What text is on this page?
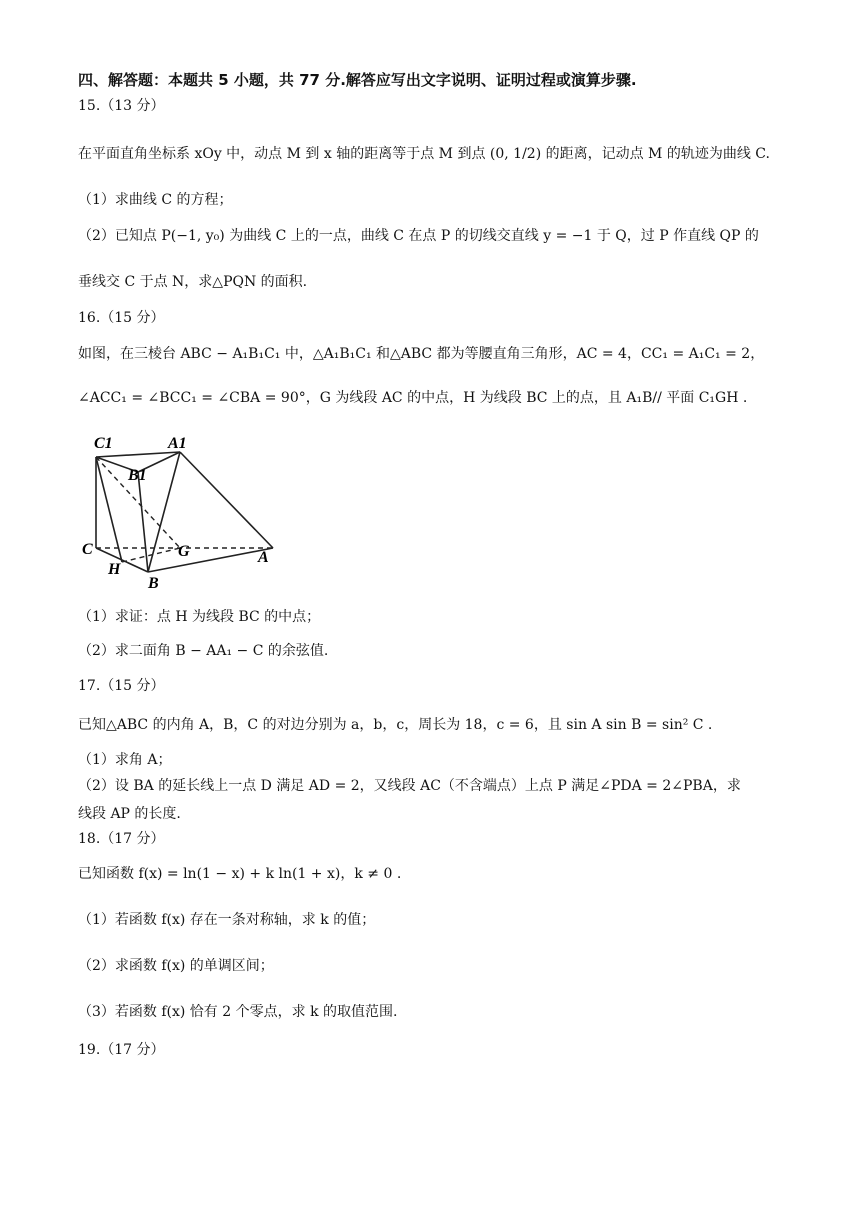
四、解答题：本题共 5 小题，共 77 分.解答应写出文字说明、证明过程或演算步骤.
15.（13 分）
在平面直角坐标系 xOy 中，动点 M 到 x 轴的距离等于点 M 到点 (0, 1/2) 的距离，记动点 M 的轨迹为曲线 C.
（1）求曲线 C 的方程；
（2）已知点 P(−1, y₀) 为曲线 C 上的一点，曲线 C 在点 P 的切线交直线 y = −1 于 Q，过 P 作直线 QP 的
垂线交 C 于点 N，求△PQN 的面积.
16.（15 分）
如图，在三棱台 ABC − A₁B₁C₁ 中，△A₁B₁C₁ 和△ABC 都为等腰直角三角形，AC = 4，CC₁ = A₁C₁ = 2，
∠ACC₁ = ∠BCC₁ = ∠CBA = 90°，G 为线段 AC 的中点，H 为线段 BC 上的点，且 A₁B// 平面 C₁GH .
C1	A1
B1
C	G	A
H
B
（1）求证：点 H 为线段 BC 的中点；
（2）求二面角 B − AA₁ − C 的余弦值.
17.（15 分）
已知△ABC 的内角 A，B，C 的对边分别为 a，b，c，周长为 18，c = 6，且 sin A sin B = sin² C .
（1）求角 A；
（2）设 BA 的延长线上一点 D 满足 AD = 2，又线段 AC（不含端点）上点 P 满足∠PDA = 2∠PBA，求
线段 AP 的长度.
18.（17 分）
已知函数 f(x) = ln(1 − x) + k ln(1 + x)，k ≠ 0 .
（1）若函数 f(x) 存在一条对称轴，求 k 的值；
（2）求函数 f(x) 的单调区间；
（3）若函数 f(x) 恰有 2 个零点，求 k 的取值范围.
19.（17 分）
